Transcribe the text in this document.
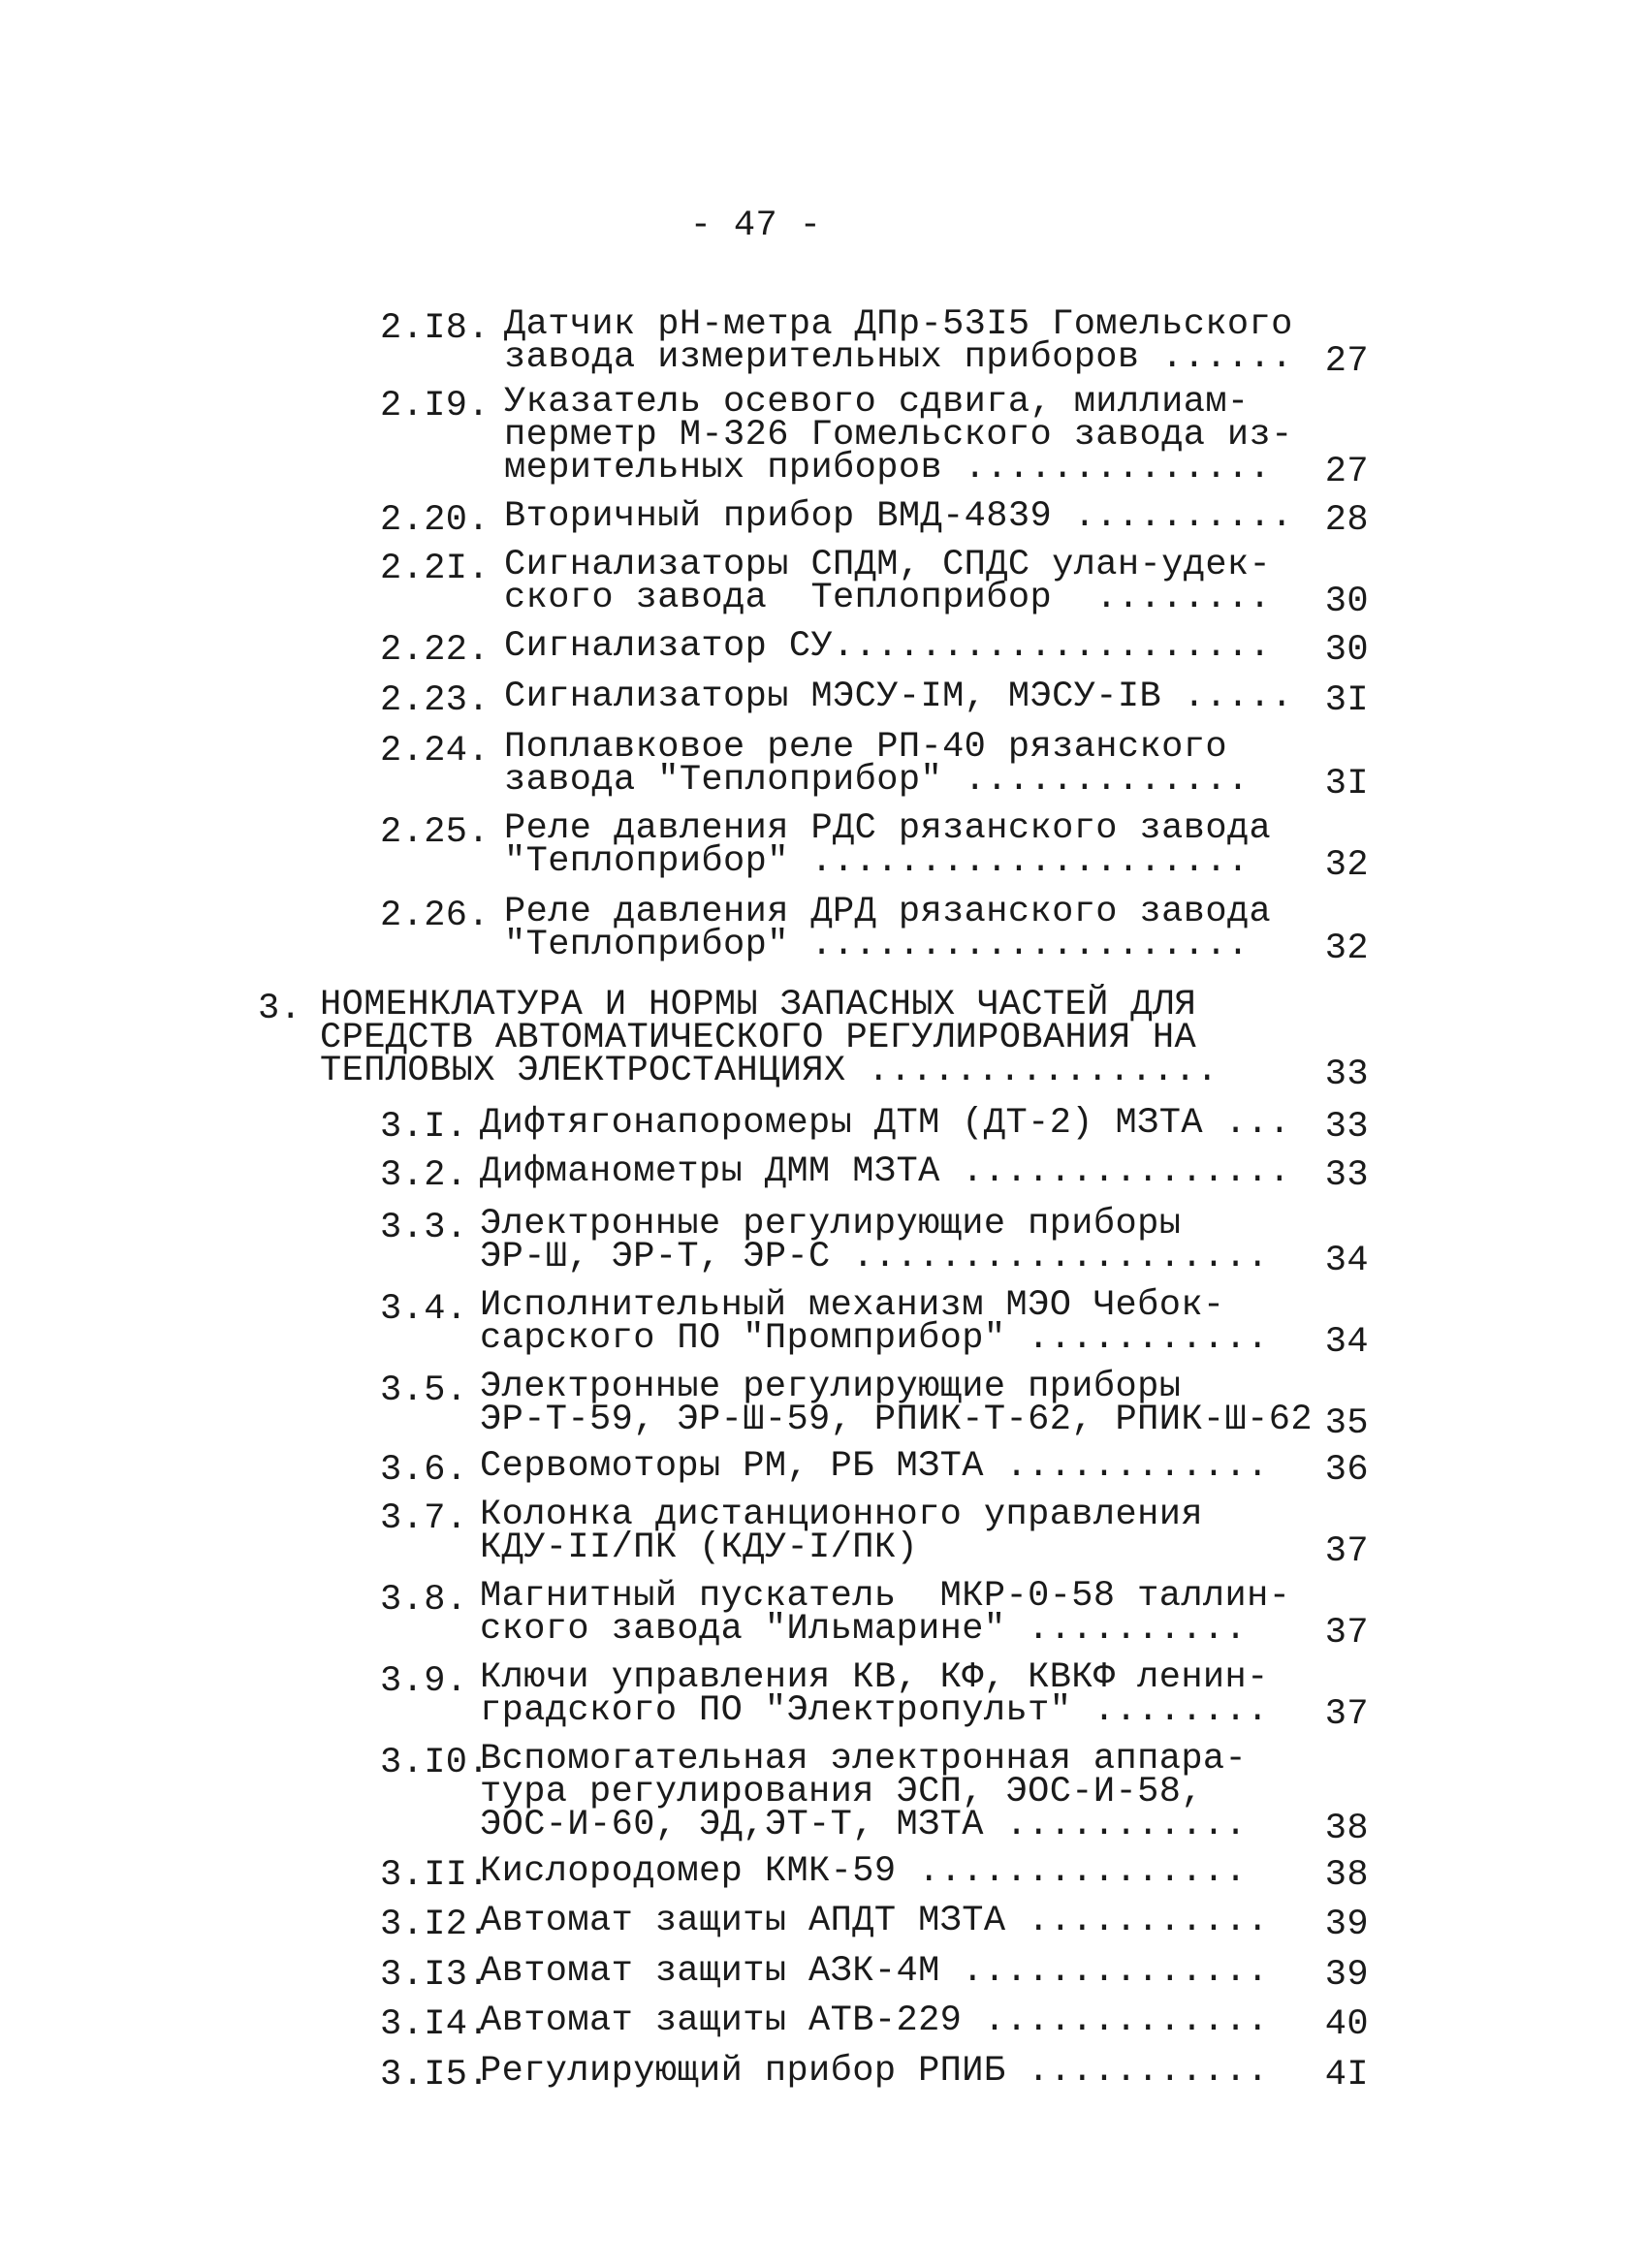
- 47 -
2.I8. Датчик рН-метра ДПр-53I5 Гомельского
завода измерительных приборов ...... 27
2.I9. Указатель осевого сдвига, миллиам-
перметр М-326 Гомельского завода из-
мерительных приборов ..............	27
2.20. Вторичный прибор ВМД-4839 .......... 28
2.2I. Сигнализаторы СПДМ, СПДС улан-удек-
ского завода  Теплоприбор  ........	30
2.22. Сигнализатор СУ....................	30
2.23. Сигнализаторы МЭСУ-IМ, МЭСУ-IВ ..... 3I
2.24. Поплавковое реле РП-40 рязанского
завода "Теплоприбор" .............	3I
2.25. Реле давления РДС рязанского завода
"Теплоприбор" ....................	32
2.26. Реле давления ДРД рязанского завода
"Теплоприбор" ....................	32
3. НОМЕНКЛАТУРА И НОРМЫ ЗАПАСНЫХ ЧАСТЕЙ ДЛЯ
СРЕДСТВ АВТОМАТИЧЕСКОГО РЕГУЛИРОВАНИЯ НА
ТЕПЛОВЫХ ЭЛЕКТРОСТАНЦИЯХ ................	33
3.I. Дифтягонапоромеры ДТМ (ДТ-2) МЗТА ... 33
3.2. Дифманометры ДММ МЗТА ............... 33
3.3. Электронные регулирующие приборы
ЭР-Ш, ЭР-Т, ЭР-С ...................	34
3.4. Исполнительный механизм МЭО Чебок-
сарского ПО "Промприбор" ...........	34
3.5. Электронные регулирующие приборы
ЭР-Т-59, ЭР-Ш-59, РПИК-Т-62, РПИК-Ш-62 35
3.6. Сервомоторы РМ, РБ МЗТА ............	36
3.7. Колонка дистанционного управления
КДУ-II/ПК (КДУ-I/ПК)	37
3.8. Магнитный пускатель  МКР-0-58 таллин-
ского завода "Ильмарине" ..........	37
3.9. Ключи управления КВ, КФ, КВКФ ленин-
градского ПО "Электропульт" ........	37
3.I0.
Вспомогательная электронная аппара-
тура регулирования ЭСП, ЭОС-И-58,
ЭОС-И-60, ЭД,ЭТ-Т, МЗТА ...........	38
3.II.
Кислородомер КМК-59 ...............	38
3.I2.
Автомат защиты АПДТ МЗТА ...........	39
3.I3.
Автомат защиты АЗК-4М ..............	39
3.I4.
Автомат защиты АТВ-229 .............	40
3.I5.
Регулирующий прибор РПИБ ...........	4I
